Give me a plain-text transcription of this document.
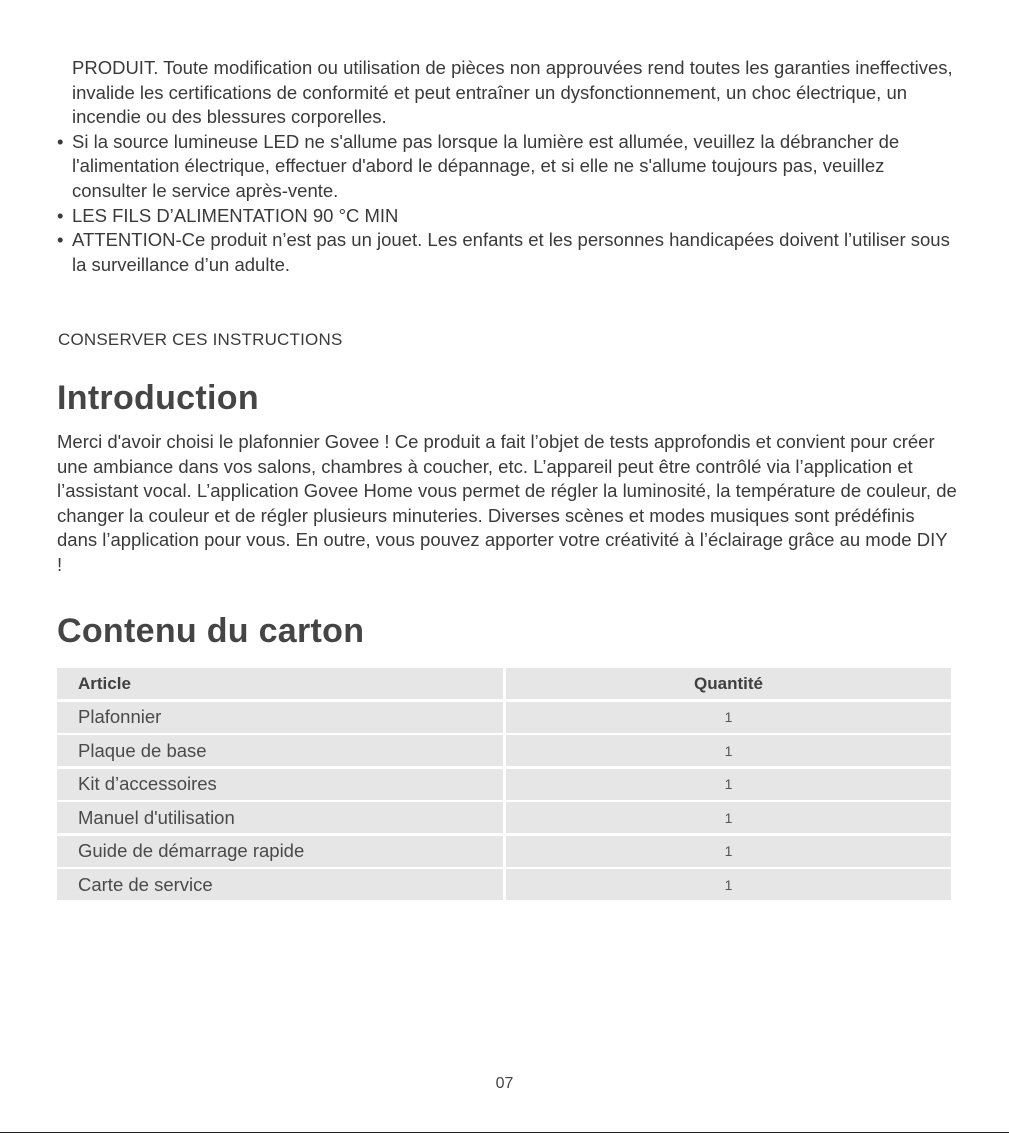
PRODUIT. Toute modification ou utilisation de pièces non approuvées rend toutes les garanties ineffectives, invalide les certifications de conformité et peut entraîner un dysfonctionnement, un choc électrique, un incendie ou des blessures corporelles.
• Si la source lumineuse LED ne s'allume pas lorsque la lumière est allumée, veuillez la débrancher de l'alimentation électrique, effectuer d'abord le dépannage, et si elle ne s'allume toujours pas, veuillez consulter le service après-vente.
• LES FILS D’ALIMENTATION 90 °C MIN
• ATTENTION-Ce produit n’est pas un jouet. Les enfants et les personnes handicapées doivent l’utiliser sous la surveillance d’un adulte.
CONSERVER CES INSTRUCTIONS
Introduction
Merci d'avoir choisi le plafonnier Govee ! Ce produit a fait l’objet de tests approfondis et convient pour créer une ambiance dans vos salons, chambres à coucher, etc. L’appareil peut être contrôlé via l’application et l’assistant vocal. L’application Govee Home vous permet de régler la luminosité, la température de couleur, de changer la couleur et de régler plusieurs minuteries. Diverses scènes et modes musiques sont prédéfinis dans l’application pour vous. En outre, vous pouvez apporter votre créativité à l’éclairage grâce au mode DIY !
Contenu du carton
Article	Quantité
Plafonnier	1
Plaque de base	1
Kit d’accessoires	1
Manuel d'utilisation	1
Guide de démarrage rapide	1
Carte de service	1
07
